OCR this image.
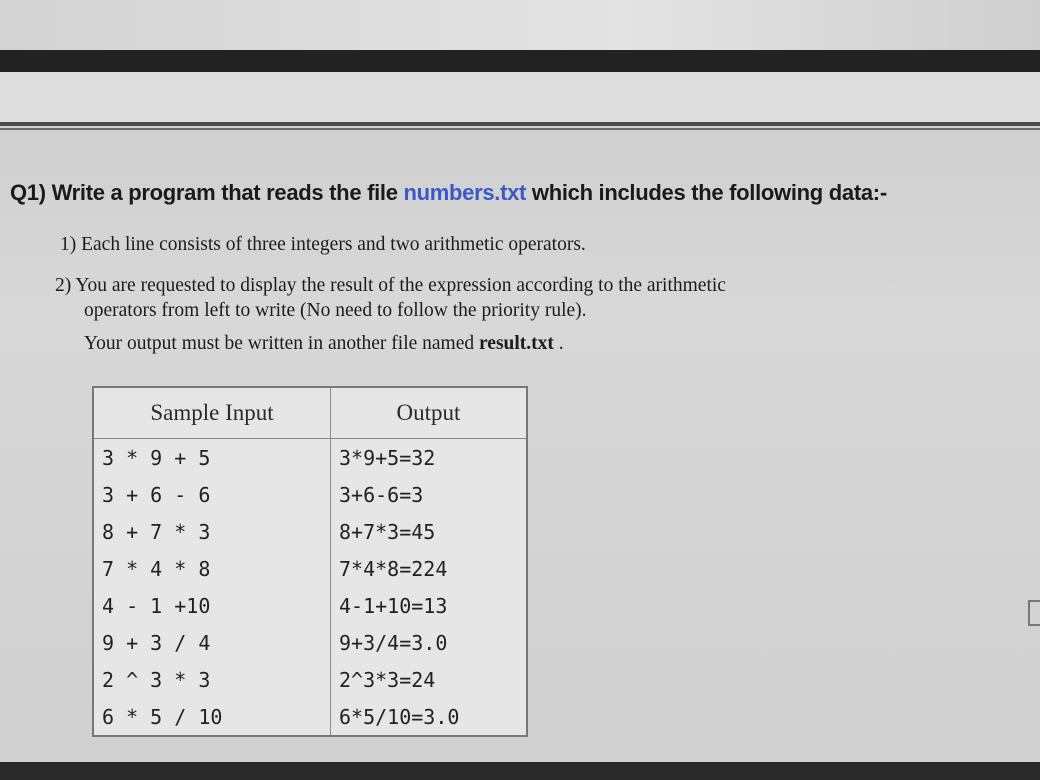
Q1) Write a program that reads the file numbers.txt which includes the following data:-
1) Each line consists of three integers and two arithmetic operators.
2) You are requested to display the result of the expression according to the arithmetic
operators from left to write (No need to follow the priority rule).
Your output must be written in another file named result.txt .
Sample Input	Output
3 * 9 + 5	3*9+5=32
3 + 6 - 6	3+6-6=3
8 + 7 * 3	8+7*3=45
7 * 4 * 8	7*4*8=224
4 - 1 +10	4-1+10=13
9 + 3 / 4	9+3/4=3.0
2 ^ 3 * 3	2^3*3=24
6 * 5 / 10	6*5/10=3.0
